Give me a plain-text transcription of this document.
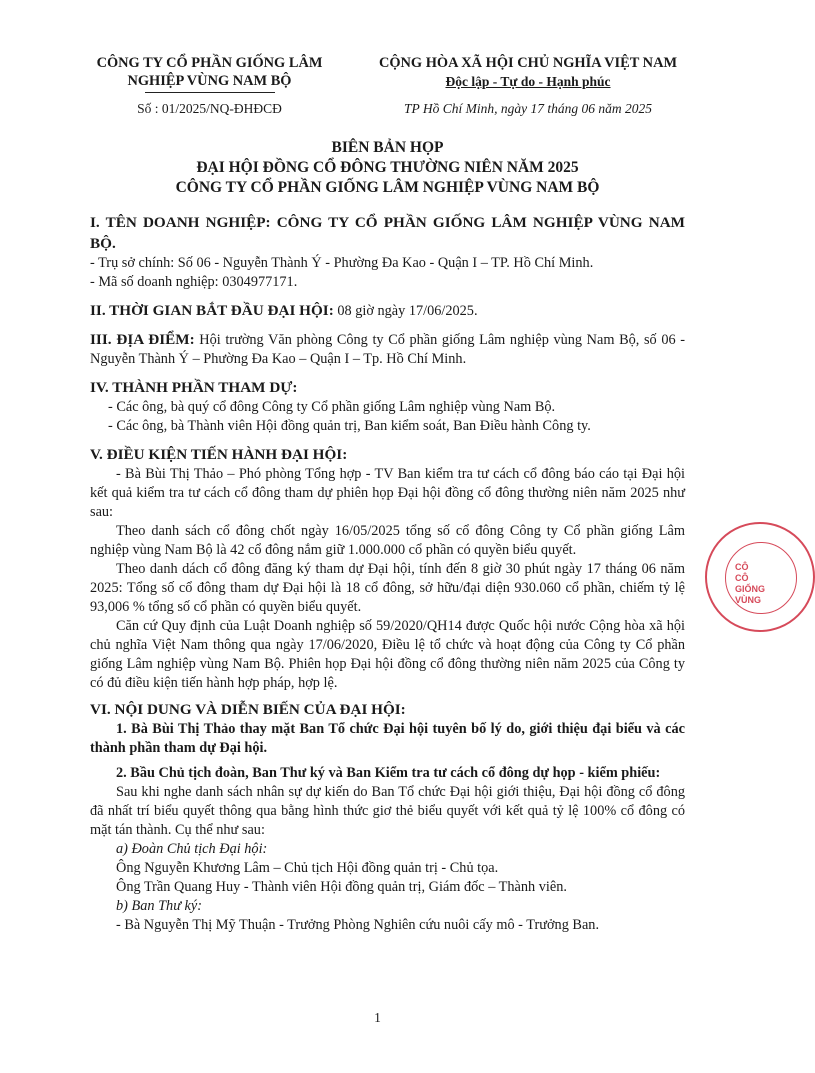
CÔNG TY CỔ PHẦN GIỐNG LÂM
NGHIỆP VÙNG NAM BỘ
Số : 01/2025/NQ-ĐHĐCĐ
CỘNG HÒA XÃ HỘI CHỦ NGHĨA VIỆT NAM
Độc lập - Tự do - Hạnh phúc
TP Hồ Chí Minh, ngày 17 tháng 06 năm 2025
BIÊN BẢN HỌP
ĐẠI HỘI ĐỒNG CỔ ĐÔNG THƯỜNG NIÊN NĂM 2025
CÔNG TY CỔ PHẦN GIỐNG LÂM NGHIỆP VÙNG NAM BỘ

I. TÊN DOANH NGHIỆP: CÔNG TY CỔ PHẦN GIỐNG LÂM NGHIỆP VÙNG NAM BỘ.

- Trụ sở chính: Số 06 - Nguyễn Thành Ý - Phường Đa Kao - Quận I – TP. Hồ Chí Minh.

- Mã số doanh nghiệp: 0304977171.

II. THỜI GIAN BẮT ĐẦU ĐẠI HỘI: 08 giờ ngày 17/06/2025.

III. ĐỊA ĐIỂM: Hội trường Văn phòng Công ty Cổ phần giống Lâm nghiệp vùng Nam Bộ, số 06 - Nguyễn Thành Ý – Phường Đa Kao – Quận I – Tp. Hồ Chí Minh.

IV. THÀNH PHẦN THAM DỰ:

- Các ông, bà quý cổ đông Công ty Cổ phần giống Lâm nghiệp vùng Nam Bộ.

- Các ông, bà Thành viên Hội đồng quản trị, Ban kiểm soát, Ban Điều hành Công ty.

V. ĐIỀU KIỆN TIẾN HÀNH ĐẠI HỘI:

- Bà Bùi Thị Thảo – Phó phòng Tổng hợp - TV Ban kiểm tra tư cách cổ đông báo cáo tại Đại hội kết quả kiểm tra tư cách cổ đông tham dự phiên họp Đại hội đồng cổ đông thường niên năm 2025 như sau:

Theo danh sách cổ đông chốt ngày 16/05/2025 tổng số cổ đông Công ty Cổ phần giống Lâm nghiệp vùng Nam Bộ là 42 cổ đông nắm giữ 1.000.000 cổ phần có quyền biểu quyết.

Theo danh dách cổ đông đăng ký tham dự Đại hội, tính đến 8 giờ 30 phút ngày 17 tháng 06 năm 2025: Tổng số cổ đông tham dự Đại hội là 18 cổ đông, sở hữu/đại diện 930.060 cổ phần, chiếm tỷ lệ 93,006 % tổng số cổ phần có quyền biểu quyết.

Căn cứ Quy định của Luật Doanh nghiệp số 59/2020/QH14 được Quốc hội nước Cộng hòa xã hội chủ nghĩa Việt Nam thông qua ngày 17/06/2020, Điều lệ tổ chức và hoạt động của Công ty Cổ phần giống Lâm nghiệp vùng Nam Bộ. Phiên họp Đại hội đồng cổ đông thường niên năm 2025 của Công ty có đủ điều kiện tiến hành hợp pháp, hợp lệ.

VI. NỘI DUNG VÀ DIỄN BIẾN CỦA ĐẠI HỘI:

1. Bà Bùi Thị Thảo thay mặt Ban Tổ chức Đại hội tuyên bố lý do, giới thiệu đại biểu và các thành phần tham dự Đại hội.

2. Bầu Chủ tịch đoàn, Ban Thư ký và Ban Kiểm tra tư cách cổ đông dự họp - kiểm phiếu:

Sau khi nghe danh sách nhân sự dự kiến do Ban Tổ chức Đại hội giới thiệu, Đại hội đồng cổ đông đã nhất trí biểu quyết thông qua bằng hình thức giơ thẻ biểu quyết với kết quả tỷ lệ 100% cổ đông có mặt tán thành. Cụ thể như sau:

a) Đoàn Chủ tịch Đại hội:

Ông Nguyễn Khương Lâm – Chủ tịch Hội đồng quản trị - Chủ tọa.

Ông Trần Quang Huy - Thành viên Hội đồng quản trị, Giám đốc – Thành viên.

b) Ban Thư ký:

- Bà Nguyễn Thị Mỹ Thuận - Trưởng Phòng Nghiên cứu nuôi cấy mô - Trưởng Ban.

CÔ
CÔ
GIỐNG
VÙNG
1
